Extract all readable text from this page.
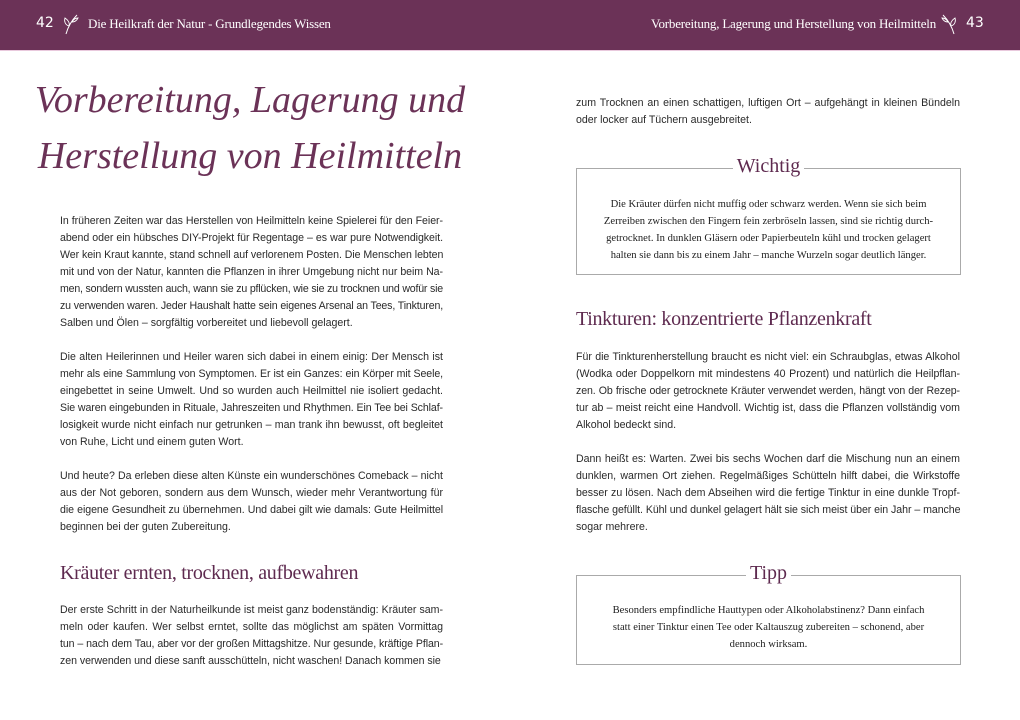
42	Die Heilkraft der Natur - Grundlegendes Wissen	Vorbereitung, Lagerung und Herstellung von Heilmitteln 43
Vorbereitung, Lagerung und
Herstellung von Heilmitteln
In früheren Zeiten war das Herstellen von Heilmitteln keine Spielerei für den Feier-
abend oder ein hübsches DIY-Projekt für Regentage – es war pure Notwendigkeit.
Wer kein Kraut kannte, stand schnell auf verlorenem Posten. Die Menschen lebten
mit und von der Natur, kannten die Pflanzen in ihrer Umgebung nicht nur beim Na-
men, sondern wussten auch, wann sie zu pflücken, wie sie zu trocknen und wofür sie
zu verwenden waren. Jeder Haushalt hatte sein eigenes Arsenal an Tees, Tinkturen,
Salben und Ölen – sorgfältig vorbereitet und liebevoll gelagert.
Die alten Heilerinnen und Heiler waren sich dabei in einem einig: Der Mensch ist
mehr als eine Sammlung von Symptomen. Er ist ein Ganzes: ein Körper mit Seele,
eingebettet in seine Umwelt. Und so wurden auch Heilmittel nie isoliert gedacht.
Sie waren eingebunden in Rituale, Jahreszeiten und Rhythmen. Ein Tee bei Schlaf-
losigkeit wurde nicht einfach nur getrunken – man trank ihn bewusst, oft begleitet
von Ruhe, Licht und einem guten Wort.
Und heute? Da erleben diese alten Künste ein wunderschönes Comeback – nicht
aus der Not geboren, sondern aus dem Wunsch, wieder mehr Verantwortung für
die eigene Gesundheit zu übernehmen. Und dabei gilt wie damals: Gute Heilmittel
beginnen bei der guten Zubereitung.
Kräuter ernten, trocknen, aufbewahren
Der erste Schritt in der Naturheilkunde ist meist ganz bodenständig: Kräuter sam-
meln oder kaufen. Wer selbst erntet, sollte das möglichst am späten Vormittag
tun – nach dem Tau, aber vor der großen Mittagshitze. Nur gesunde, kräftige Pflan-
zen verwenden und diese sanft ausschütteln, nicht waschen! Danach kommen sie
zum Trocknen an einen schattigen, luftigen Ort – aufgehängt in kleinen Bündeln
oder locker auf Tüchern ausgebreitet.
Wichtig
Die Kräuter dürfen nicht muffig oder schwarz werden. Wenn sie sich beim
Zerreiben zwischen den Fingern fein zerbröseln lassen, sind sie richtig durch-
getrocknet. In dunklen Gläsern oder Papierbeuteln kühl und trocken gelagert
halten sie dann bis zu einem Jahr – manche Wurzeln sogar deutlich länger.
Tinkturen: konzentrierte Pflanzenkraft
Für die Tinkturenherstellung braucht es nicht viel: ein Schraubglas, etwas Alkohol
(Wodka oder Doppelkorn mit mindestens 40 Prozent) und natürlich die Heilpflan-
zen. Ob frische oder getrocknete Kräuter verwendet werden, hängt von der Rezep-
tur ab – meist reicht eine Handvoll. Wichtig ist, dass die Pflanzen vollständig vom
Alkohol bedeckt sind.
Dann heißt es: Warten. Zwei bis sechs Wochen darf die Mischung nun an einem
dunklen, warmen Ort ziehen. Regelmäßiges Schütteln hilft dabei, die Wirkstoffe
besser zu lösen. Nach dem Abseihen wird die fertige Tinktur in eine dunkle Tropf-
flasche gefüllt. Kühl und dunkel gelagert hält sie sich meist über ein Jahr – manche
sogar mehrere.
Tipp
Besonders empfindliche Hauttypen oder Alkoholabstinenz? Dann einfach
statt einer Tinktur einen Tee oder Kaltauszug zubereiten – schonend, aber
dennoch wirksam.
